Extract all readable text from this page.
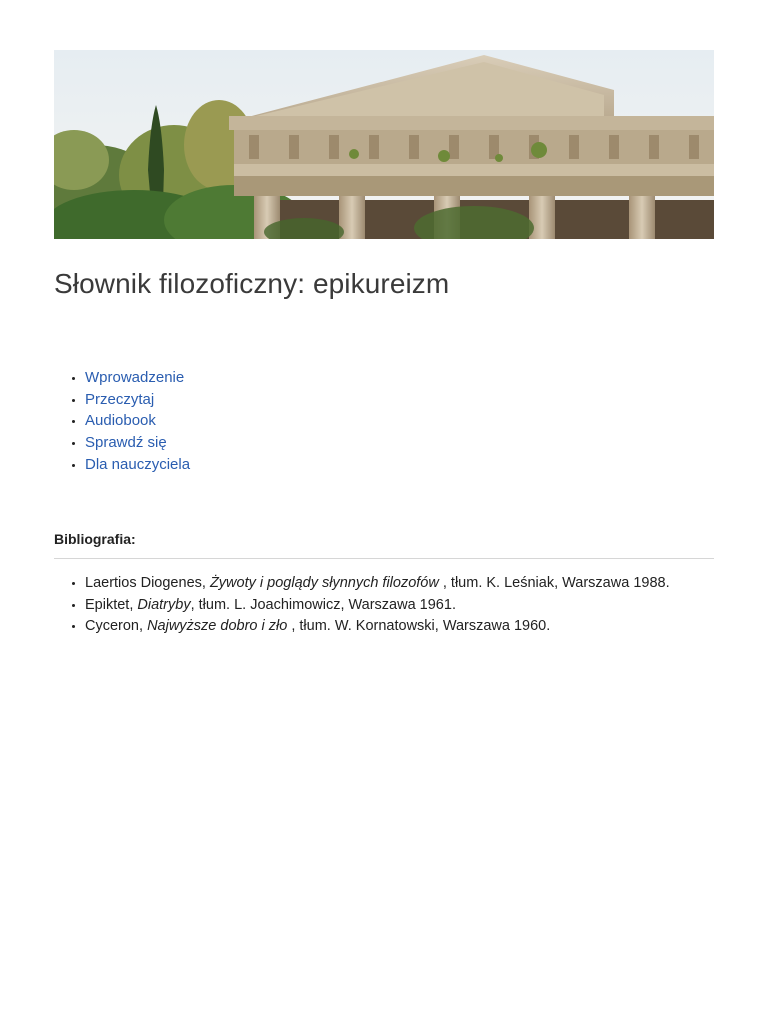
Słownik filozoficzny: epikureizm
• Wprowadzenie
• Przeczytaj
• Audiobook
• Sprawdź się
• Dla nauczyciela
Bibliografia:
• Laertios Diogenes, Żywoty i poglądy słynnych filozofów , tłum. K. Leśniak, Warszawa 1988.
• Epiktet, Diatryby, tłum. L. Joachimowicz, Warszawa 1961.
• Cyceron, Najwyższe dobro i zło , tłum. W. Kornatowski, Warszawa 1960.
